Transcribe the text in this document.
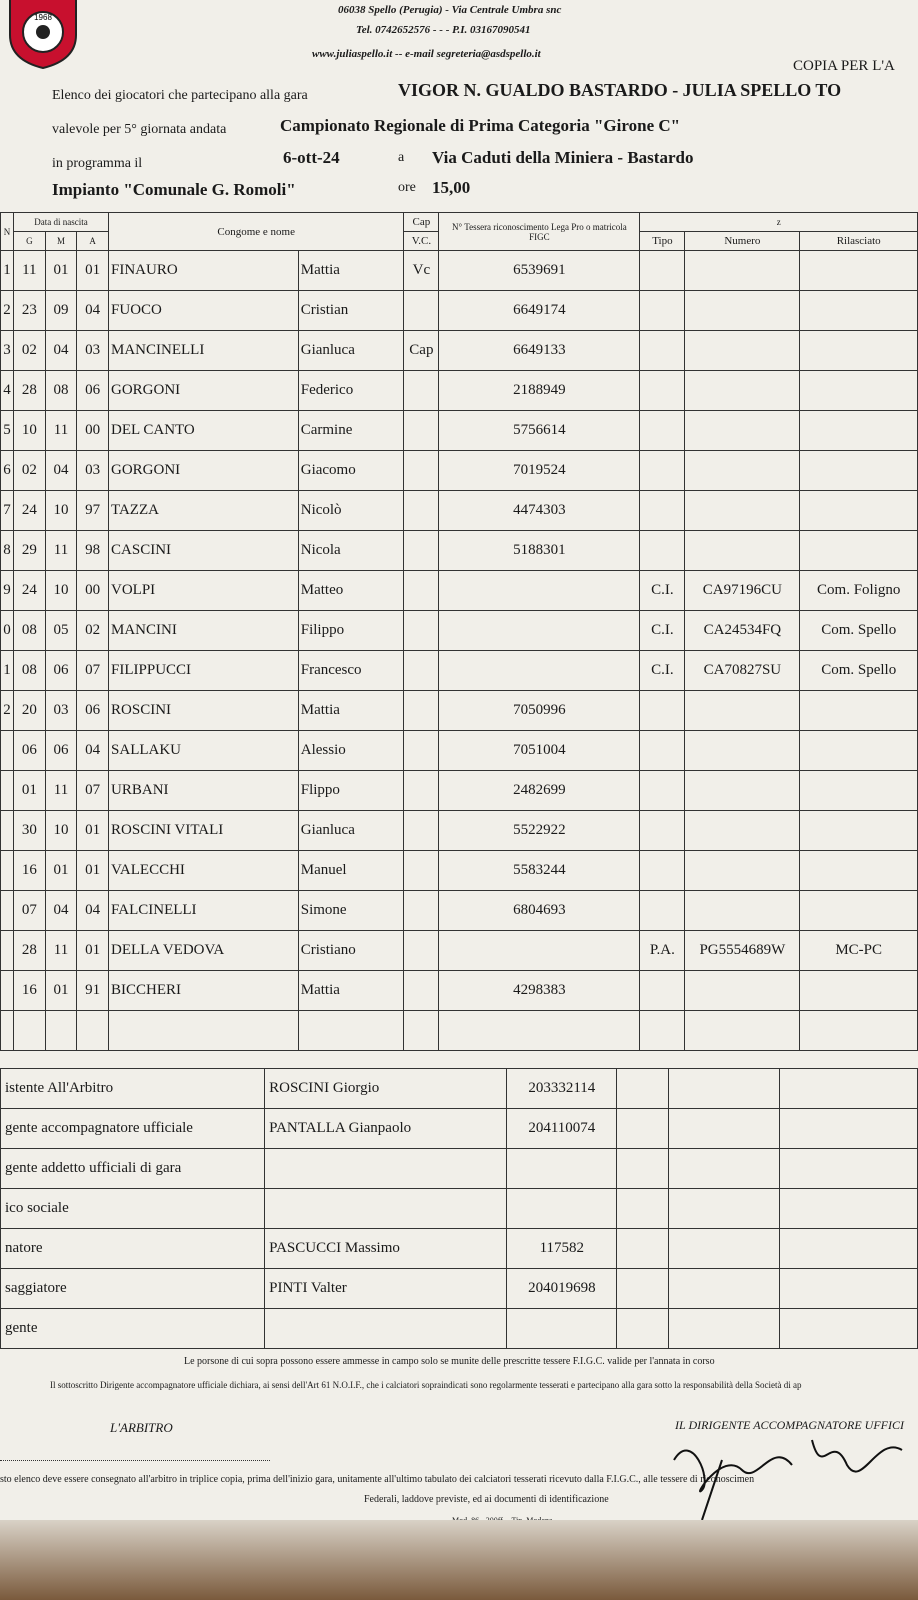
1968
06038 Spello (Perugia) - Via Centrale Umbra snc
Tel. 0742652576 - - - P.I. 03167090541
www.juliaspello.it -- e-mail segreteria@asdspello.it
COPIA PER L'A
Elenco dei giocatori che partecipano alla gara	VIGOR N. GUALDO BASTARDO - JULIA SPELLO TO
valevole per 5° giornata andata	Campionato Regionale di Prima Categoria "Girone C"
in programma il	6-ott-24	a Via Caduti della Miniera - Bastardo
Impianto "Comunale G. Romoli"	ore 15,00
N	Data di nascita			Congome e nome		Cap	N° Tessera riconoscimento Lega Pro o matricola FIGC	z		
	G	M	A			V.C.		Tipo	Numero	Rilasciato
1	11	01	01	FINAURO	Mattia	Vc	6539691			
2	23	09	04	FUOCO	Cristian		6649174			
3	02	04	03	MANCINELLI	Gianluca	Cap	6649133			
4	28	08	06	GORGONI	Federico		2188949			
5	10	11	00	DEL CANTO	Carmine		5756614			
6	02	04	03	GORGONI	Giacomo		7019524			
7	24	10	97	TAZZA	Nicolò		4474303			
8	29	11	98	CASCINI	Nicola		5188301			
9	24	10	00	VOLPI	Matteo			C.I.	CA97196CU	Com. Foligno
0	08	05	02	MANCINI	Filippo			C.I.	CA24534FQ	Com. Spello
1	08	06	07	FILIPPUCCI	Francesco			C.I.	CA70827SU	Com. Spello
2	20	03	06	ROSCINI	Mattia		7050996			
	06	06	04	SALLAKU	Alessio		7051004			
	01	11	07	URBANI	Flippo		2482699			
	30	10	01	ROSCINI VITALI	Gianluca		5522922			
	16	01	01	VALECCHI	Manuel		5583244			
	07	04	04	FALCINELLI	Simone		6804693			
	28	11	01	DELLA VEDOVA	Cristiano			P.A.	PG5554689W	MC-PC
	16	01	91	BICCHERI	Mattia		4298383			

istente All'Arbitro	ROSCINI Giorgio	203332114			
gente accompagnatore ufficiale	PANTALLA Gianpaolo	204110074			
gente addetto ufficiali di gara					
ico sociale					
natore	PASCUCCI Massimo	117582			
saggiatore	PINTI Valter	204019698			
gente					
Le porsone di cui sopra possono essere ammesse in campo solo se munite delle prescritte tessere F.I.G.C. valide per l'annata in corso
Il sottoscritto Dirigente accompagnatore ufficiale dichiara, ai sensi dell'Art 61 N.O.I.F., che i calciatori sopraindicati sono regolarmente tesserati e partecipano alla gara sotto la responsabilità della Società di ap
L'ARBITRO	IL DIRIGENTE ACCOMPAGNATORE UFFICI
sto elenco deve essere consegnato all'arbitro in triplice copia, prima dell'inizio gara, unitamente all'ultimo tabulato dei calciatori tesserati ricevuto dalla F.I.G.C., alle tessere di riconoscimen
Federali, laddove previste, ed ai documenti di identificazione
